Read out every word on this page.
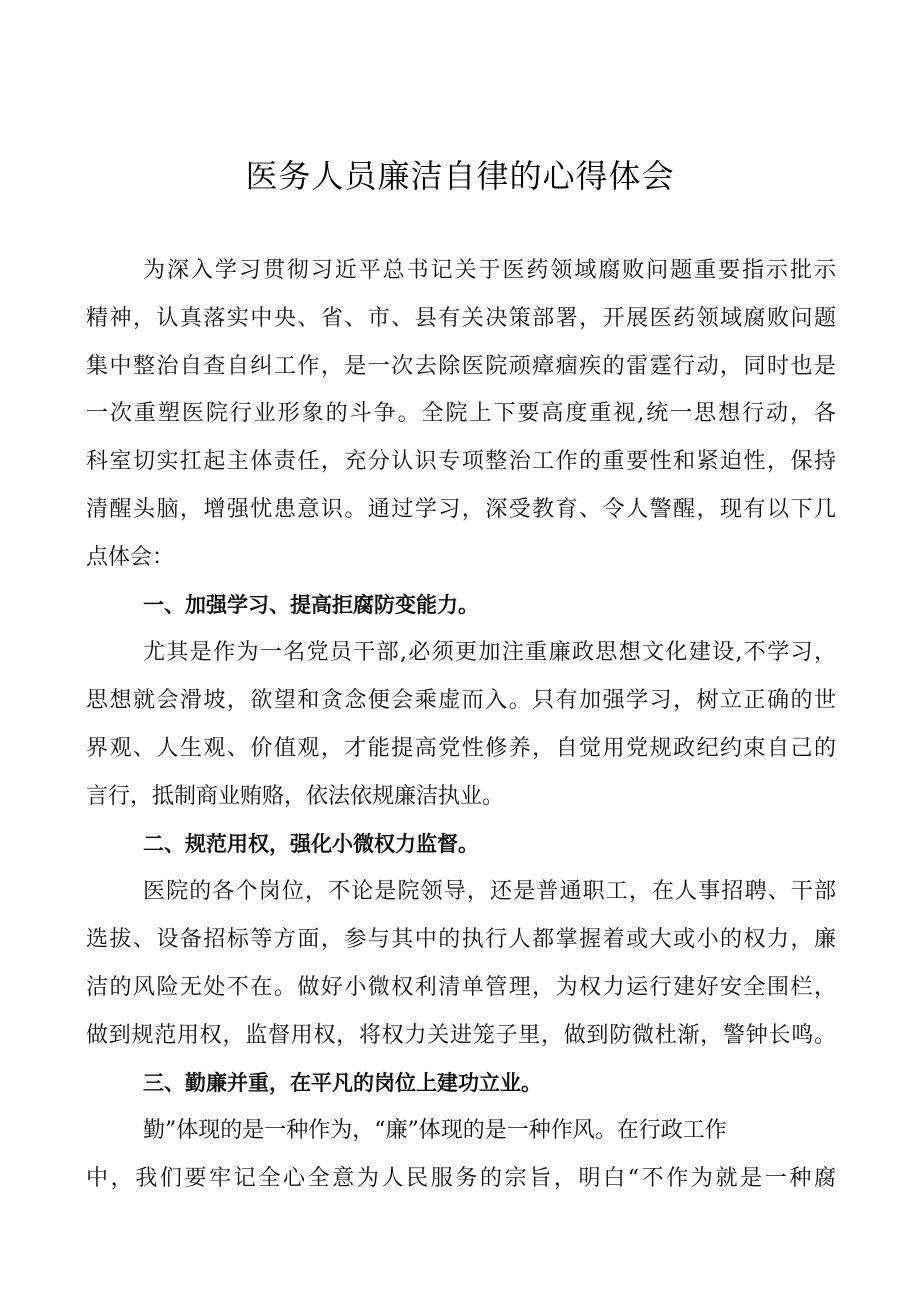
医务人员廉洁自律的心得体会
为深入学习贯彻习近平总书记关于医药领域腐败问题重要指示批示
精神，认真落实中央、省、市、县有关决策部署，开展医药领域腐败问题
集中整治自查自纠工作，是一次去除医院顽瘴痼疾的雷霆行动，同时也是
一次重塑医院行业形象的斗争。全院上下要高度重视,统一思想行动，各
科室切实扛起主体责任，充分认识专项整治工作的重要性和紧迫性，保持
清醒头脑，增强忧患意识。通过学习，深受教育、令人警醒，现有以下几
点体会：
一、加强学习、提高拒腐防变能力。
尤其是作为一名党员干部,必须更加注重廉政思想文化建设,不学习，
思想就会滑坡，欲望和贪念便会乘虚而入。只有加强学习，树立正确的世
界观、人生观、价值观，才能提高党性修养，自觉用党规政纪约束自己的
言行，抵制商业贿赂，依法依规廉洁执业。
二、规范用权，强化小微权力监督。
医院的各个岗位，不论是院领导，还是普通职工，在人事招聘、干部
选拔、设备招标等方面，参与其中的执行人都掌握着或大或小的权力，廉
洁的风险无处不在。做好小微权利清单管理，为权力运行建好安全围栏，
做到规范用权，监督用权，将权力关进笼子里，做到防微杜渐，警钟长鸣。
三、勤廉并重，在平凡的岗位上建功立业。
勤”体现的是一种作为，“廉”体现的是一种作风。在行政工作
中，我们要牢记全心全意为人民服务的宗旨，明白“不作为就是一种腐
